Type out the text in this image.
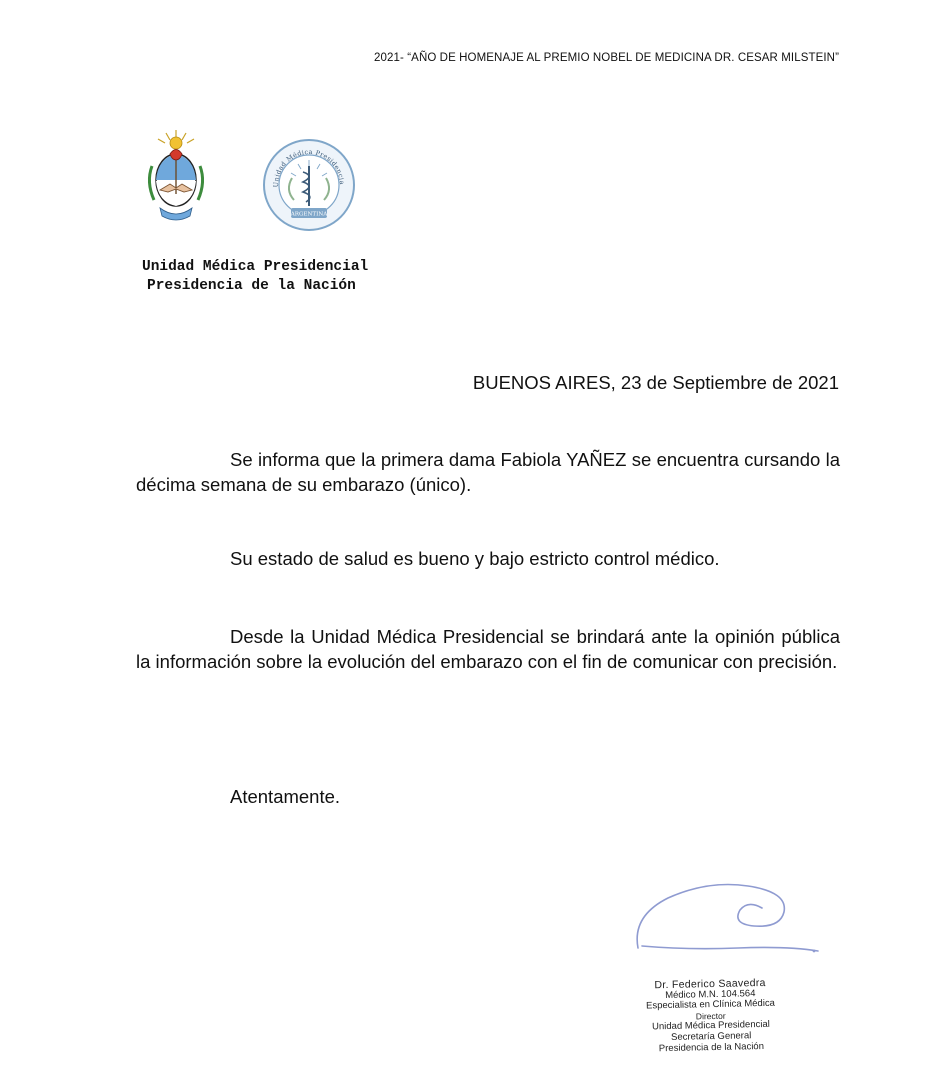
2021- “AÑO DE HOMENAJE AL PREMIO NOBEL DE MEDICINA DR. CESAR MILSTEIN”
Unidad Médica Presidencia
ARGENTINA
Unidad Médica Presidencial
Presidencia de la Nación
BUENOS AIRES, 23 de Septiembre de 2021

Se informa que la primera dama Fabiola YAÑEZ se encuentra cursando la décima semana de su embarazo (único).

Su estado de salud es bueno y bajo estricto control médico.

Desde la Unidad Médica Presidencial se brindará ante la opinión pública la información sobre la evolución del embarazo con el fin de comunicar con precisión.

Atentamente.
Dr. Federico Saavedra
Médico M.N. 104.564
Especialista en Clínica Médica
Director
Unidad Médica Presidencial
Secretaría General
Presidencia de la Nación
